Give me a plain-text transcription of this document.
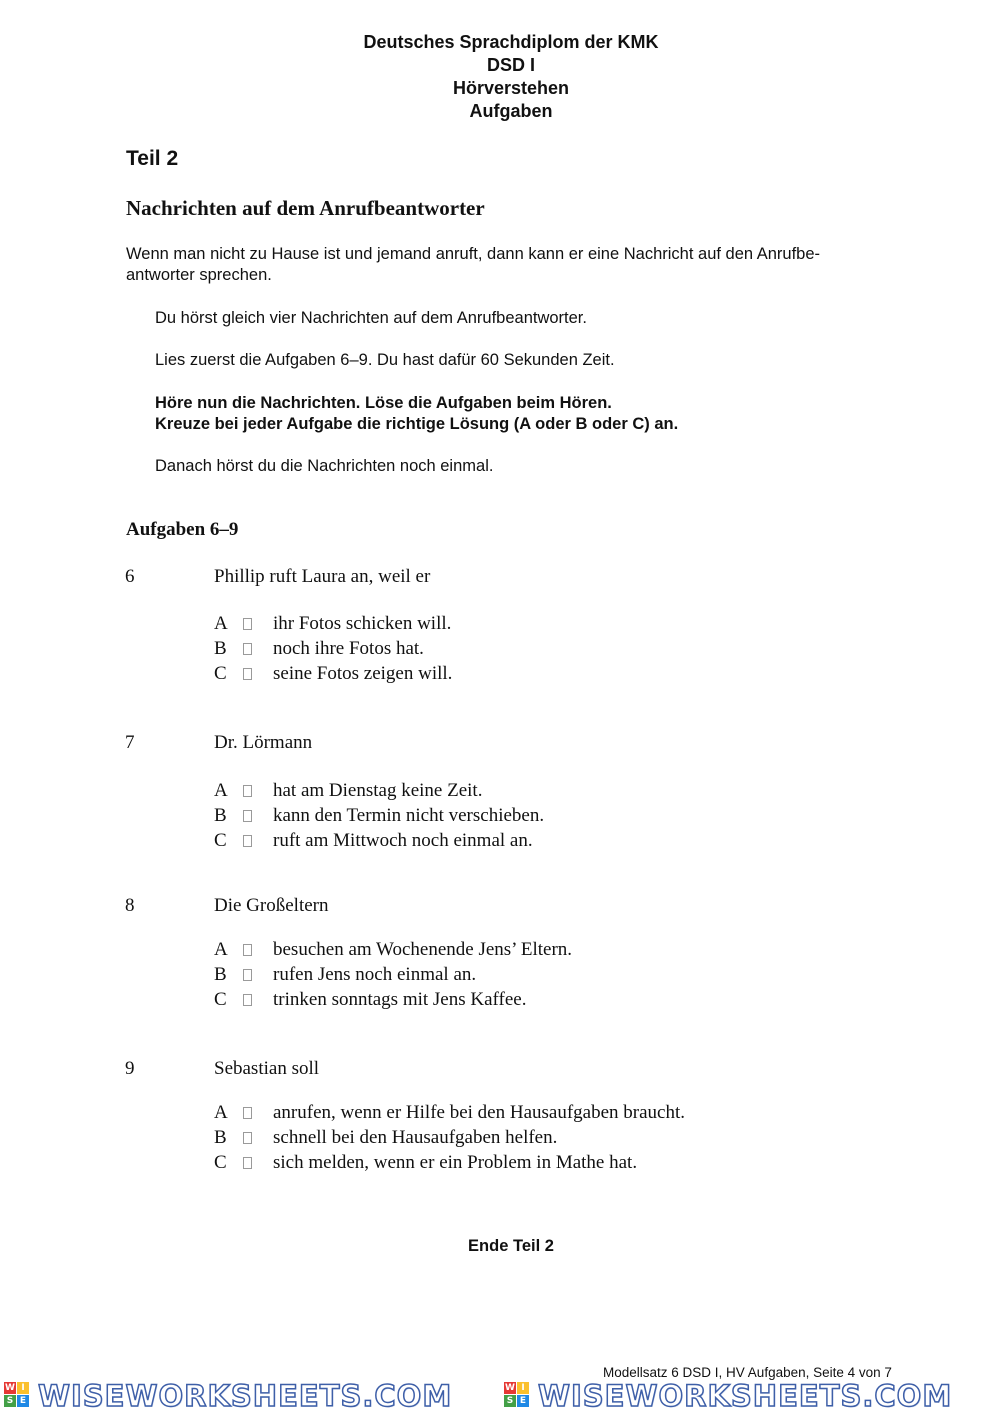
Deutsches Sprachdiplom der KMK
DSD I
Hörverstehen
Aufgaben
Teil 2
Nachrichten auf dem Anrufbeantworter
Wenn man nicht zu Hause ist und jemand anruft, dann kann er eine Nachricht auf den Anrufbe-
antworter sprechen.
Du hörst gleich vier Nachrichten auf dem Anrufbeantworter.
Lies zuerst die Aufgaben 6–9. Du hast dafür 60 Sekunden Zeit.
Höre nun die Nachrichten. Löse die Aufgaben beim Hören.
Kreuze bei jeder Aufgabe die richtige Lösung (A oder B oder C) an.
Danach hörst du die Nachrichten noch einmal.
Aufgaben 6–9
6	Phillip ruft Laura an, weil er
A ihr Fotos schicken will.
B noch ihre Fotos hat.
C seine Fotos zeigen will.
7	Dr. Lörmann
A hat am Dienstag keine Zeit.
B kann den Termin nicht verschieben.
C ruft am Mittwoch noch einmal an.
8	Die Großeltern
A besuchen am Wochenende Jens’ Eltern.
B rufen Jens noch einmal an.
C trinken sonntags mit Jens Kaffee.
9	Sebastian soll
A anrufen, wenn er Hilfe bei den Hausaufgaben braucht.
B schnell bei den Hausaufgaben helfen.
C sich melden, wenn er ein Problem in Mathe hat.
Ende Teil 2
Modellsatz 6 DSD I, HV Aufgaben, Seite 4 von 7
W I
S E WISEWORKSHEETS.COM	W I
S E WISEWORKSHEETS.COM
